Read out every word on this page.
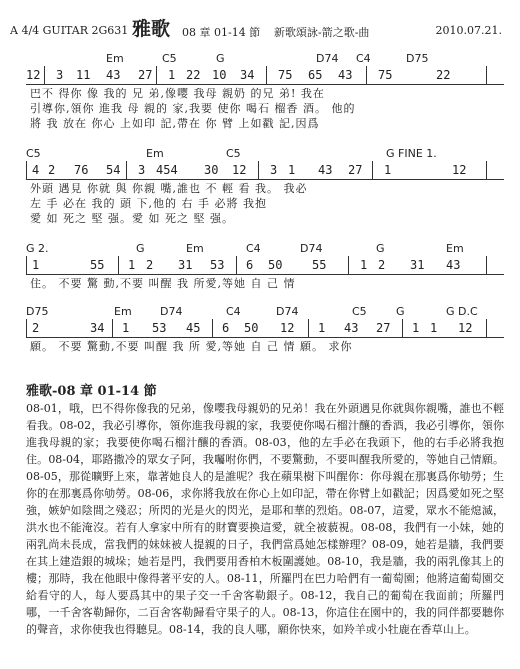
A 4/4 GUITAR 2G631 雅歌 08 章 01-14 節 新歌頌詠-箭之歌-曲	2010.07.21.
Em	C5	G	D74 C4	D75
12 3 11 43 27 1 22 10 34 75 65 43 75	22
巴不 得你 像 我的 兄 弟,像嘤 我母 親奶 的兄 弟! 我在
引導你,領你 進我 母 親的 家,我要 使你 喝石 榴香 酒。 他的
將 我 放在 你心 上如印 記,帶在 你 臂 上如戳 記,因爲
C5	Em	C5	G FINE 1.
4 2 76 54 3 454 30 12 3 1 43 27 1	12
外頭 遇見 你就 與 你親 嘴,誰也 不 輕 看 我。 我必
左 手 必在 我的 頭 下,他的 右 手 必將 我抱
愛 如 死之 堅 强。愛 如 死之 堅 强。
G 2.	G	Em	C4	D74	G	Em
1	55 1 2 31 53 6 50 55	1 2 31 43
住。 不要 驚 動,不要 叫醒 我 所愛,等她 自 己 情
D75	Em	D74	C4	D74	C5	G	G D.C
2	34 1 53 45 6 50 12 1 43 27 1 1 12
願。 不要 驚動,不要 叫醒 我 所 愛,等她 自 己 情 願。 求你
雅歌-08 章 01-14 節

08-01，哦，巴不得你像我的兄弟，像嘤我母親奶的兄弟！我在外頭遇見你就與你親嘴，誰也不輕看我。08-02，我必引導你，領你進我母親的家，我要使你喝石榴汁釀的香酒，我必引導你，領你進我母親的家；我要使你喝石榴汁釀的香酒。08-03，他的左手必在我頭下，他的右手必將我抱住。08-04，耶路撒冷的眾女子阿，我囑咐你們，不要驚動，不要叫醒我所愛的，等她自己情願。08-05，那從曠野上來，靠著她良人的是誰呢？我在蘋果樹下叫醒你：你母親在那裏爲你劬勞；生你的在那裏爲你劬勞。08-06，求你將我放在你心上如印記，帶在你臂上如戳記；因爲愛如死之堅強，嫉妒如陰間之殘忍；所閃的光是火的閃光，是耶和華的烈焰。08-07，這愛，眾水不能熄滅，洪水也不能淹沒。若有人拿家中所有的財寶要換這愛，就全被藐視。08-08，我們有一小妹，她的兩乳尚未長成，當我們的妹妹被人提親的日子，我們當爲她怎樣辦理？08-09，她若是牆，我們要在其上建造銀的城垛；她若是門，我們要用香柏木板圍護她。08-10，我是牆，我的兩乳像其上的樓；那時，我在他眼中像得著平安的人。08-11，所羅門在巴力哈們有一葡萄園；他將這葡萄園交給看守的人，每人要爲其中的果子交一千舍客勒銀子。08-12，我自己的葡萄在我面前；所羅門哪，一千舍客勒歸你，二百舍客勒歸看守果子的人。08-13，你這住在園中的，我的同伴都要聽你的聲音，求你使我也得聽見。08-14，我的良人哪，願你快來，如羚羊或小牡鹿在香草山上。
